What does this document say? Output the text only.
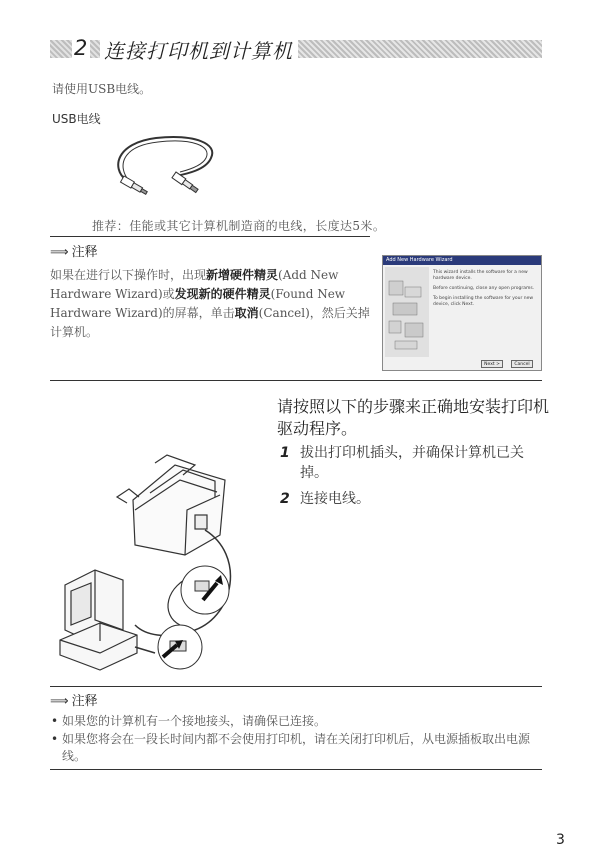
2 连接打印机到计算机
请使用USB电线。
USB电线
推荐：佳能或其它计算机制造商的电线，长度达5米。
⟹ 注释
如果在进行以下操作时，出现新增硬件精灵(Add New Hardware Wizard)或发现新的硬件精灵(Found New Hardware Wizard)的屏幕，单击取消(Cancel)，然后关掉计算机。
Add New Hardware Wizard
This wizard installs the software for a new hardware device.
Before continuing, close any open programs.
To begin installing the software for your new device, click Next.
Next >	Cancel
请按照以下的步骤来正确地安装打印机驱动程序。
1 拔出打印机插头，并确保计算机已关掉。
2 连接电线。
⟹ 注释
• 如果您的计算机有一个接地接头，请确保已连接。
• 如果您将会在一段长时间内都不会使用打印机，请在关闭打印机后，从电源插板取出电源线。
3
